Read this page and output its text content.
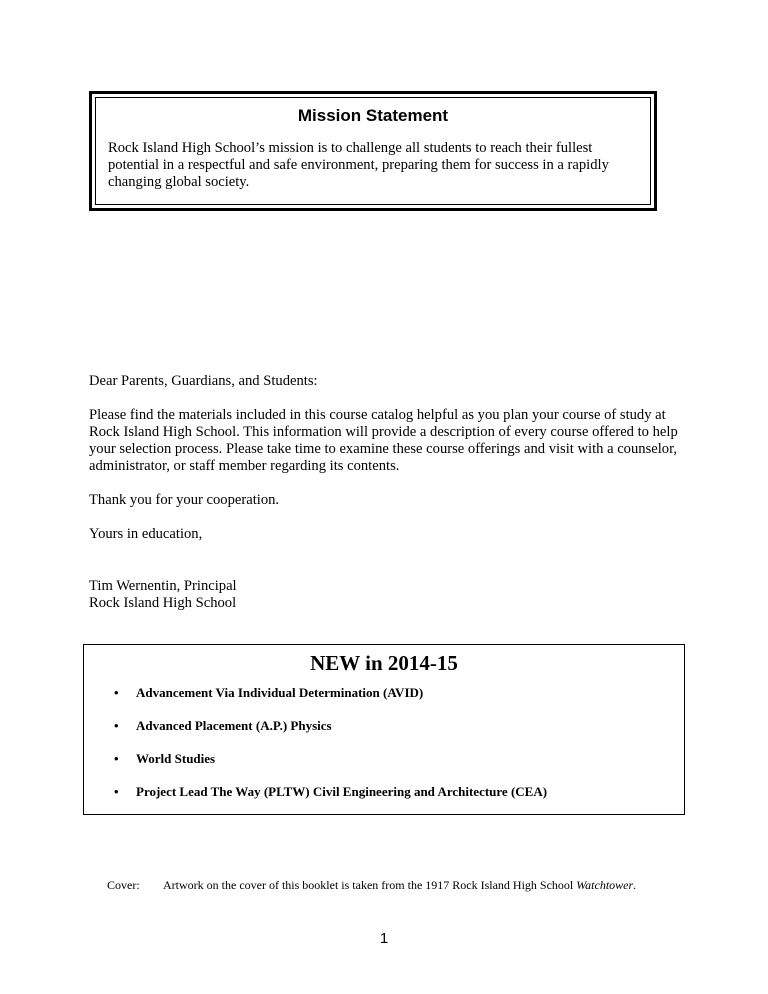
Mission Statement
Rock Island High School’s mission is to challenge all students to reach their fullest potential in a respectful and safe environment, preparing them for success in a rapidly changing global society.

Dear Parents, Guardians, and Students:

Please find the materials included in this course catalog helpful as you plan your course of study at Rock Island High School. This information will provide a description of every course offered to help your selection process. Please take time to examine these course offerings and visit with a counselor, administrator, or staff member regarding its contents.

Thank you for your cooperation.

Yours in education,

Tim Wernentin, Principal

Rock Island High School

NEW in 2014-15
• Advancement Via Individual Determination (AVID)
• Advanced Placement (A.P.) Physics
• World Studies
• Project Lead The Way (PLTW) Civil Engineering and Architecture (CEA)
Cover: Artwork on the cover of this booklet is taken from the 1917 Rock Island High School Watchtower.
1
